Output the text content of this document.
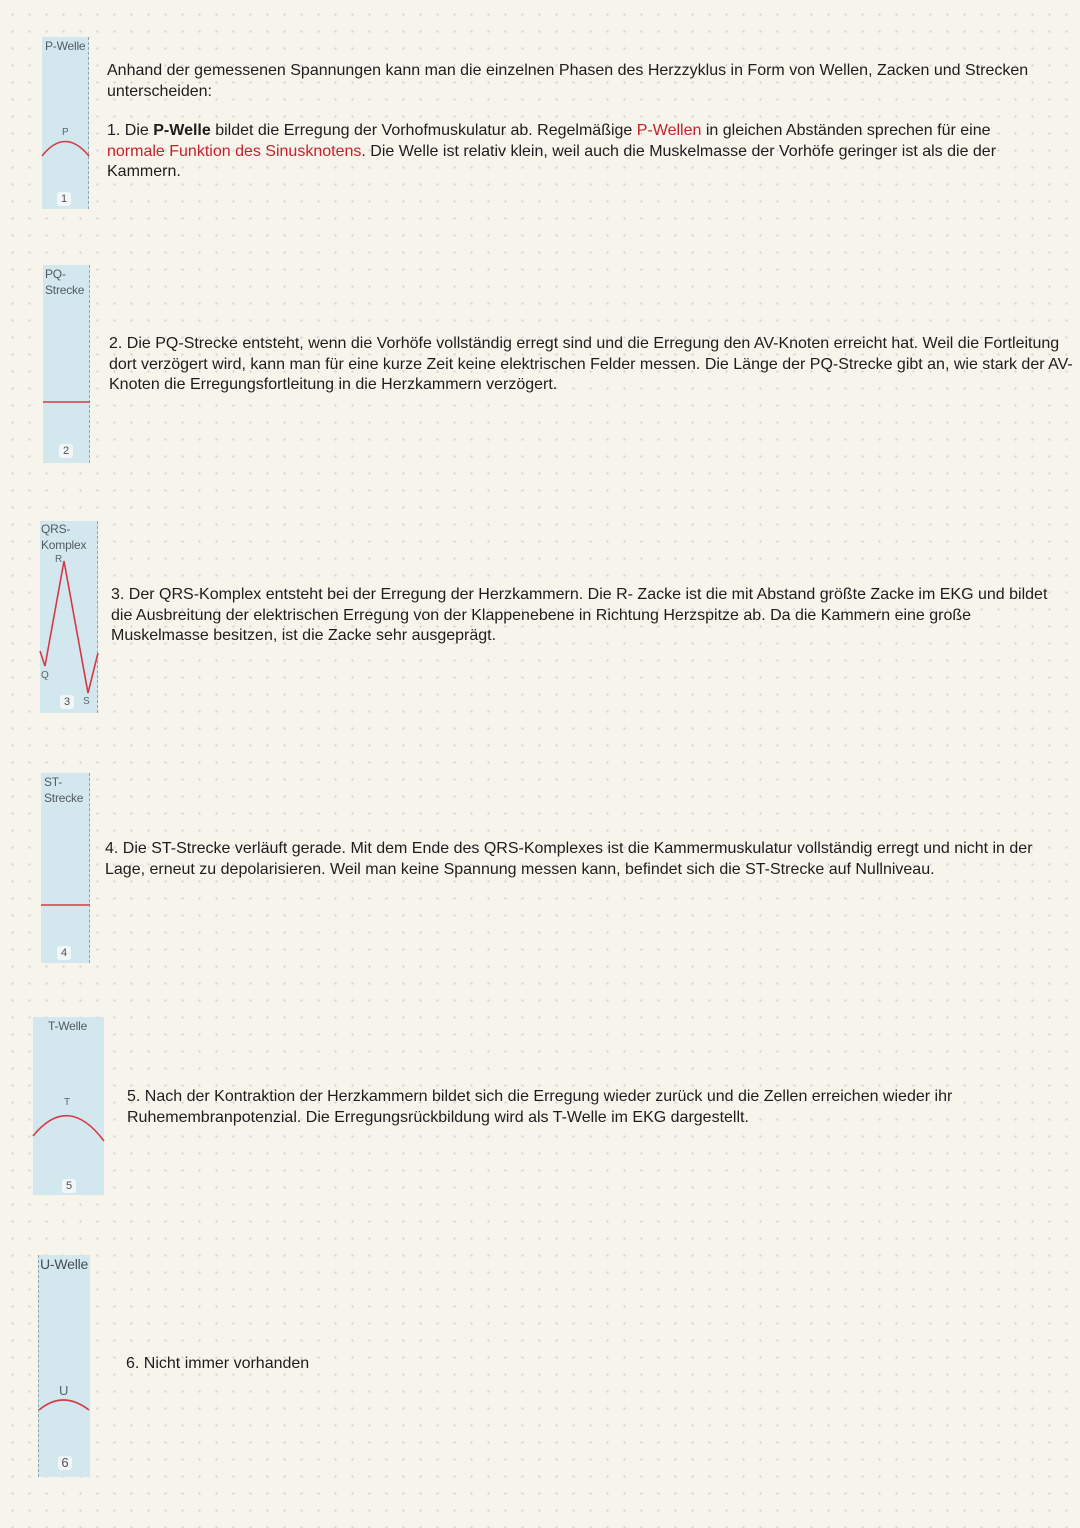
Anhand der gemessenen Spannungen kann man die einzelnen Phasen des Herzzyklus in Form von Wellen, Zacken und Strecken unterscheiden:

P-Welle
P
1

1. Die P-Welle bildet die Erregung der Vorhofmuskulatur ab. Regelmäßige P-Wellen in gleichen Abständen sprechen für eine normale Funktion des Sinusknotens. Die Welle ist relativ klein, weil auch die Muskelmasse der Vorhöfe geringer ist als die der Kammern.

PQ-
Strecke
2

2. Die PQ-Strecke entsteht, wenn die Vorhöfe vollständig erregt sind und die Erregung den AV-Knoten erreicht hat. Weil die Fortleitung dort verzögert wird, kann man für eine kurze Zeit keine elektrischen Felder messen. Die Länge der PQ-Strecke gibt an, wie stark der AV-Knoten die Erregungsfortleitung in die Herzkammern verzögert.

QRS-
Komplex
R
Q
3	S

3. Der QRS-Komplex entsteht bei der Erregung der Herzkammern. Die R- Zacke ist die mit Abstand größte Zacke im EKG und bildet die Ausbreitung der elektrischen Erregung von der Klappenebene in Richtung Herzspitze ab. Da die Kammern eine große Muskelmasse besitzen, ist die Zacke sehr ausgeprägt.

ST-
Strecke
4

4. Die ST-Strecke verläuft gerade. Mit dem Ende des QRS-Komplexes ist die Kammermuskulatur vollständig erregt und nicht in der Lage, erneut zu depolarisieren. Weil man keine Spannung messen kann, befindet sich die ST-Strecke auf Nullniveau.

T-Welle
T
5

5. Nach der Kontraktion der Herzkammern bildet sich die Erregung wieder zurück und die Zellen erreichen wieder ihr Ruhemembranpotenzial. Die Erregungsrückbildung wird als T-Welle im EKG dargestellt.

U-Welle
U
6

6. Nicht immer vorhanden
